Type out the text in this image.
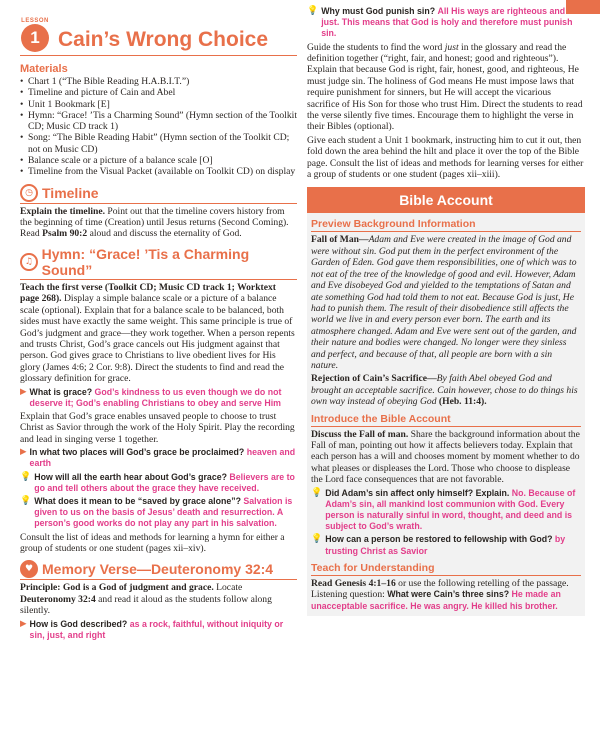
LESSON
1 Cain’s Wrong Choice
Materials
• Chart 1 (“The Bible Reading H.A.B.I.T.”)
• Timeline and picture of Cain and Abel
• Unit 1 Bookmark [E]
• Hymn: “Grace! ’Tis a Charming Sound” (Hymn section of the Toolkit CD; Music CD track 1)
• Song: “The Bible Reading Habit” (Hymn section of the Toolkit CD; not on Music CD)
• Balance scale or a picture of a balance scale [O]
• Timeline from the Visual Packet (available on Toolkit CD) on display
◷ Timeline

Explain the timeline. Point out that the timeline covers history from the beginning of time (Creation) until Jesus returns (Second Coming). Read Psalm 90:2 aloud and discuss the eternality of God.

♫ Hymn: “Grace! ’Tis a Charming Sound”

Teach the first verse (Toolkit CD; Music CD track 1; Worktext page 268). Display a simple balance scale or a picture of a balance scale (optional). Explain that for a balance scale to be balanced, both sides must have exactly the same weight. This same principle is true of God’s judgment and grace—they work together. When a person repents and trusts Christ, God’s grace cancels out His judgment against that person. God gives grace to Christians to live obedient lives for His glory (James 4:6; 2 Cor. 9:8). Direct the students to find and read the glossary definition for grace.

▶ What is grace? God’s kindness to us even though we do not deserve it; God’s enabling Christians to obey and serve Him

Explain that God’s grace enables unsaved people to choose to trust Christ as Savior through the work of the Holy Spirit. Play the recording and lead in singing verse 1 together.

▶ In what two places will God’s grace be proclaimed? heaven and earth
💡 How will all the earth hear about God’s grace? Believers are to go and tell others about the grace they have received.
💡 What does it mean to be “saved by grace alone”? Salvation is given to us on the basis of Jesus’ death and resurrection. A person’s good works do not play any part in his salvation.

Consult the list of ideas and methods for learning a hymn for either a group of students or one student (pages xii–xiv).

♥ Memory Verse—Deuteronomy 32:4

Principle: God is a God of judgment and grace. Locate Deuteronomy 32:4 and read it aloud as the students follow along silently.

▶ How is God described? as a rock, faithful, without iniquity or sin, just, and right
💡 Why must God punish sin? All His ways are righteous and just. This means that God is holy and therefore must punish sin.

Guide the students to find the word just in the glossary and read the definition together (“right, fair, and honest; good and righteous”). Explain that because God is right, fair, honest, good, and righteous, He must judge sin. The holiness of God means He must impose laws that require punishment for sinners, but He will accept the vicarious sacrifice of His Son for those who trust Him. Direct the students to read the verse silently five times. Encourage them to highlight the verse in their Bibles (optional).

Give each student a Unit 1 bookmark, instructing him to cut it out, then fold down the area behind the hilt and place it over the top of the Bible page. Consult the list of ideas and methods for learning verses for either a group of students or one student (pages xii–xiii).

Bible Account
Preview Background Information

Fall of Man—Adam and Eve were created in the image of God and were without sin. God put them in the perfect environment of the Garden of Eden. God gave them responsibilities, one of which was to not eat of the tree of the knowledge of good and evil. However, Adam and Eve disobeyed God and yielded to the temptations of Satan and ate something God had told them to not eat. Because God is just, He had to punish them. The result of their disobedience still affects the world we live in and every person ever born. The earth and its atmosphere changed. Adam and Eve were sent out of the garden, and their nature and bodies were changed. No longer were they sinless and perfect, and because of that, all people are born with a sin nature.

Rejection of Cain’s Sacrifice—By faith Abel obeyed God and brought an acceptable sacrifice. Cain however, chose to do things his own way instead of obeying God (Heb. 11:4).

Introduce the Bible Account

Discuss the Fall of man. Share the background information about the Fall of man, pointing out how it affects believers today. Explain that each person has a will and chooses moment by moment whether to do what pleases or displeases the Lord. Those who choose to displease the Lord face consequences that are not favorable.

💡 Did Adam’s sin affect only himself? Explain. No. Because of Adam’s sin, all mankind lost communion with God. Every person is naturally sinful in word, thought, and deed and is subject to God’s wrath.
💡 How can a person be restored to fellowship with God? by trusting Christ as Savior
Teach for Understanding

Read Genesis 4:1–16 or use the following retelling of the passage. Listening question: What were Cain’s three sins? He made an unacceptable sacrifice. He was angry. He killed his brother.
